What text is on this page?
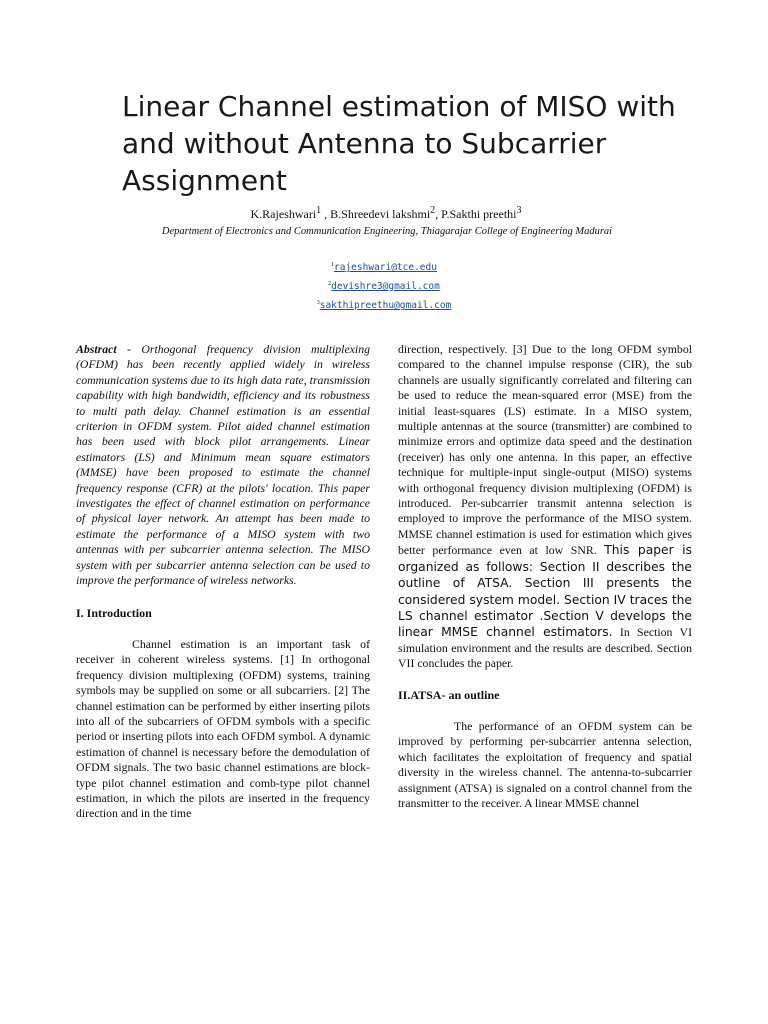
Linear Channel estimation of MISO with and without Antenna to Subcarrier Assignment
K.Rajeshwari$^1$ , B.Shreedevi lakshmi$^2$, P.Sakthi preethi$^3$
Department of Electronics and Communication Engineering, Thiagarajar College of Engineering Madurai
$^1$rajeshwari@tce.edu
$^2$devishre3@gmail.com
$^3$sakthipreethu@gmail.com

Abstract - Orthogonal frequency division multiplexing (OFDM) has been recently applied widely in wireless communication systems due to its high data rate, transmission capability with high bandwidth, efficiency and its robustness to multi path delay. Channel estimation is an essential criterion in OFDM system. Pilot aided channel estimation has been used with block pilot arrangements. Linear estimators (LS) and Minimum mean square estimators (MMSE) have been proposed to estimate the channel frequency response (CFR) at the pilots' location. This paper investigates the effect of channel estimation on performance of physical layer network. An attempt has been made to estimate the performance of a MISO system with two antennas with per subcarrier antenna selection. The MISO system with per subcarrier antenna selection can be used to improve the performance of wireless networks.

I. Introduction

Channel estimation is an important task of receiver in coherent wireless systems. [1] In orthogonal frequency division multiplexing (OFDM) systems, training symbols may be supplied on some or all subcarriers. [2] The channel estimation can be performed by either inserting pilots into all of the subcarriers of OFDM symbols with a specific period or inserting pilots into each OFDM symbol. A dynamic estimation of channel is necessary before the demodulation of OFDM signals. The two basic channel estimations are block-type pilot channel estimation and comb-type pilot channel estimation, in which the pilots are inserted in the frequency direction and in the time

direction, respectively. [3] Due to the long OFDM symbol compared to the channel impulse response (CIR), the sub channels are usually significantly correlated and filtering can be used to reduce the mean-squared error (MSE) from the initial least-squares (LS) estimate. In a MISO system, multiple antennas at the source (transmitter) are combined to minimize errors and optimize data speed and the destination (receiver) has only one antenna. In this paper, an effective technique for multiple-input single-output (MISO) systems with orthogonal frequency division multiplexing (OFDM) is introduced. Per-subcarrier transmit antenna selection is employed to improve the performance of the MISO system. MMSE channel estimation is used for estimation which gives better performance even at low SNR. This paper is organized as follows: Section II describes the outline of ATSA. Section III presents the considered system model. Section IV traces the LS channel estimator .Section V develops the linear MMSE channel estimators. In Section VI simulation environment and the results are described. Section VII concludes the paper.

II.ATSA- an outline

The performance of an OFDM system can be improved by performing per-subcarrier antenna selection, which facilitates the exploitation of frequency and spatial diversity in the wireless channel. The antenna-to-subcarrier assignment (ATSA) is signaled on a control channel from the transmitter to the receiver. A linear MMSE channel
